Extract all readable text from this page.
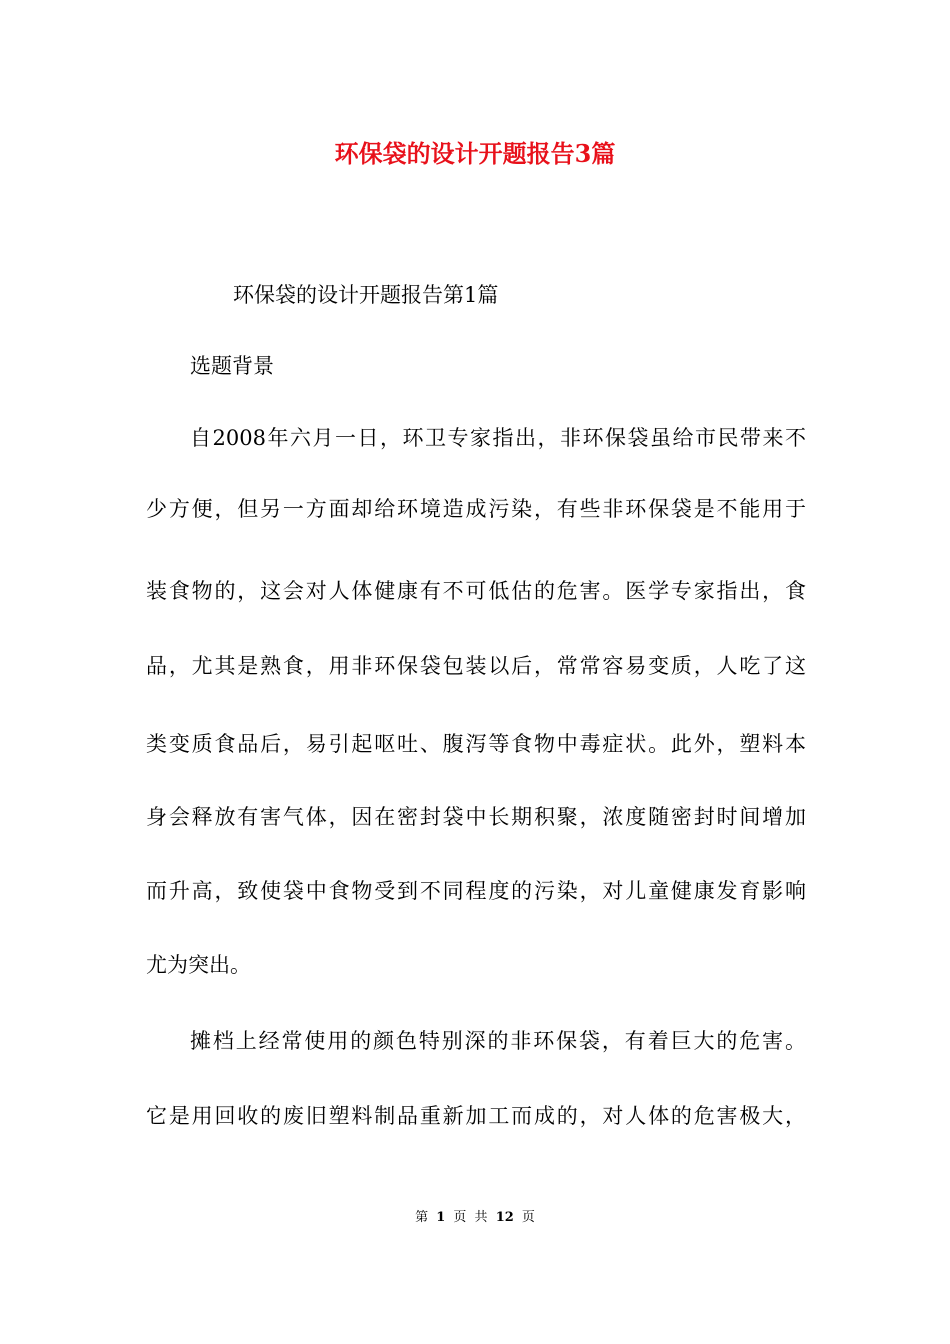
环保袋的设计开题报告3篇

环保袋的设计开题报告第1篇

选题背景

自2008年六月一日，环卫专家指出，非环保袋虽给市民带来不

少方便，但另一方面却给环境造成污染，有些非环保袋是不能用于

装食物的，这会对人体健康有不可低估的危害。医学专家指出，食

品，尤其是熟食，用非环保袋包装以后，常常容易变质，人吃了这

类变质食品后，易引起呕吐、腹泻等食物中毒症状。此外，塑料本

身会释放有害气体，因在密封袋中长期积聚，浓度随密封时间增加

而升高，致使袋中食物受到不同程度的污染，对儿童健康发育影响

尤为突出。

摊档上经常使用的颜色特别深的非环保袋，有着巨大的危害。

它是用回收的废旧塑料制品重新加工而成的，对人体的危害极大，

第 1 页 共 12 页
